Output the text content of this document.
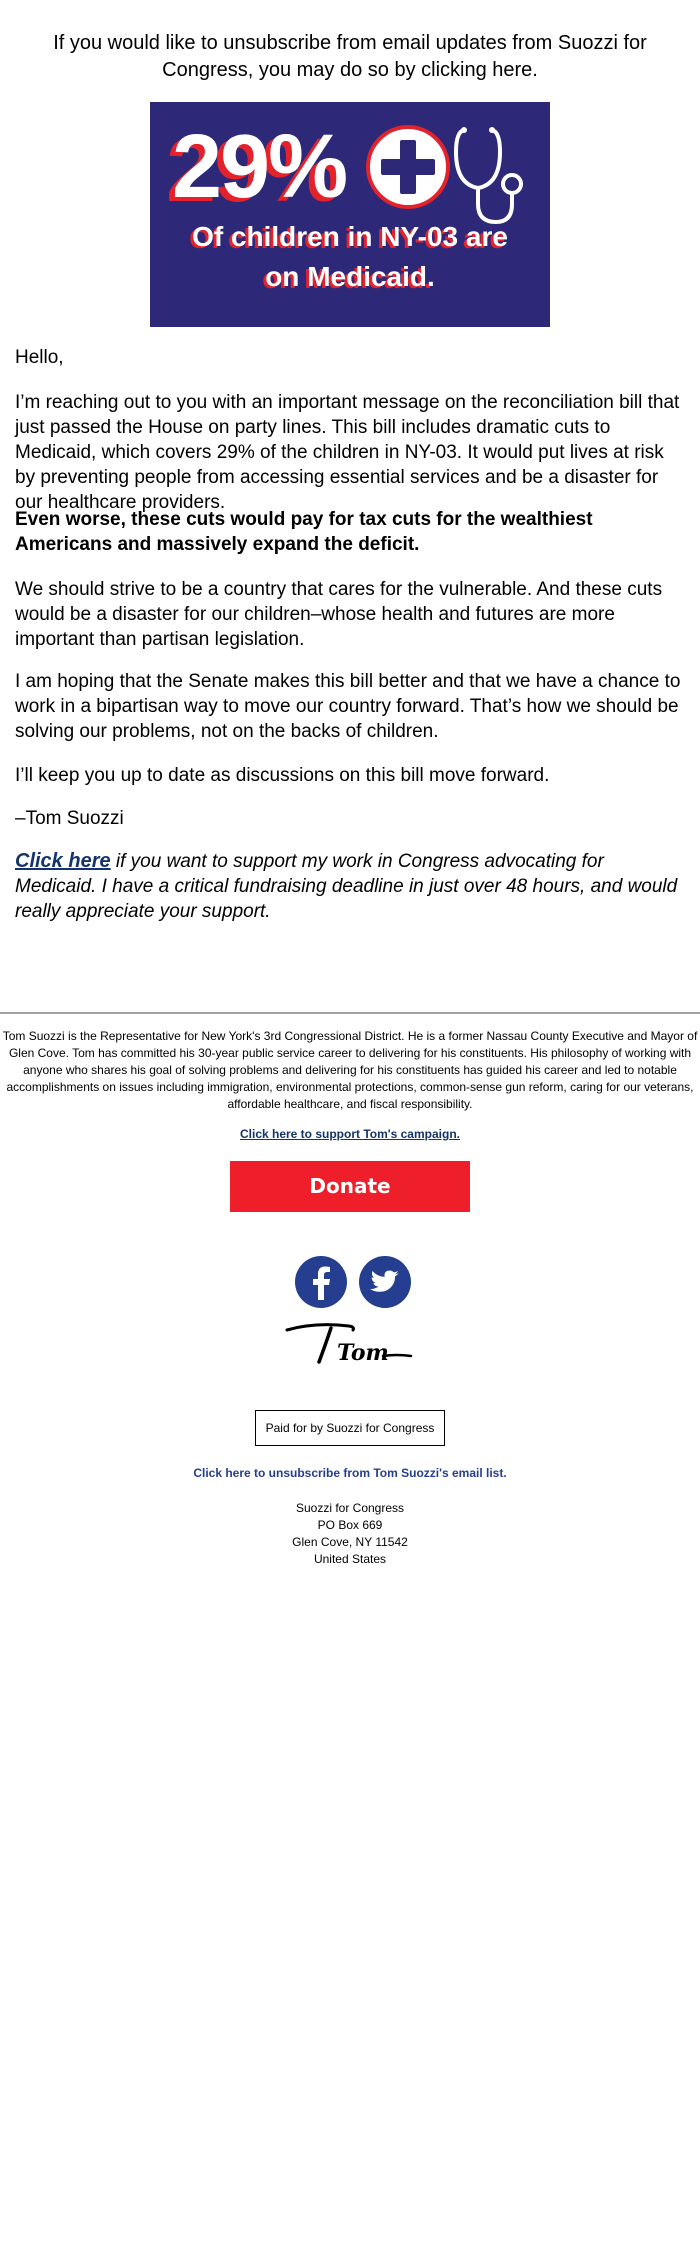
If you would like to unsubscribe from email updates from Suozzi for Congress, you may do so by clicking here.
29%
Of children in NY-03 are
on Medicaid.
Hello,
I’m reaching out to you with an important message on the reconciliation bill that just passed the House on party lines. This bill includes dramatic cuts to Medicaid, which covers 29% of the children in NY-03. It would put lives at risk by preventing people from accessing essential services and be a disaster for our healthcare providers.
Even worse, these cuts would pay for tax cuts for the wealthiest Americans and massively expand the deficit.
We should strive to be a country that cares for the vulnerable. And these cuts would be a disaster for our children–whose health and futures are more important than partisan legislation.
I am hoping that the Senate makes this bill better and that we have a chance to work in a bipartisan way to move our country forward. That’s how we should be solving our problems, not on the backs of children.
I’ll keep you up to date as discussions on this bill move forward.
–Tom Suozzi
Click here if you want to support my work in Congress advocating for Medicaid. I have a critical fundraising deadline in just over 48 hours, and would really appreciate your support.
Tom Suozzi is the Representative for New York's 3rd Congressional District. He is a former Nassau County Executive and Mayor of Glen Cove. Tom has committed his 30-year public service career to delivering for his constituents. His philosophy of working with anyone who shares his goal of solving problems and delivering for his constituents has guided his career and led to notable accomplishments on issues including immigration, environmental protections, common-sense gun reform, caring for our veterans, affordable healthcare, and fiscal responsibility.
Click here to support Tom's campaign.
Donate
Tom
Paid for by Suozzi for Congress
Click here to unsubscribe from Tom Suozzi's email list.
Suozzi for Congress
PO Box 669
Glen Cove, NY 11542
United States
